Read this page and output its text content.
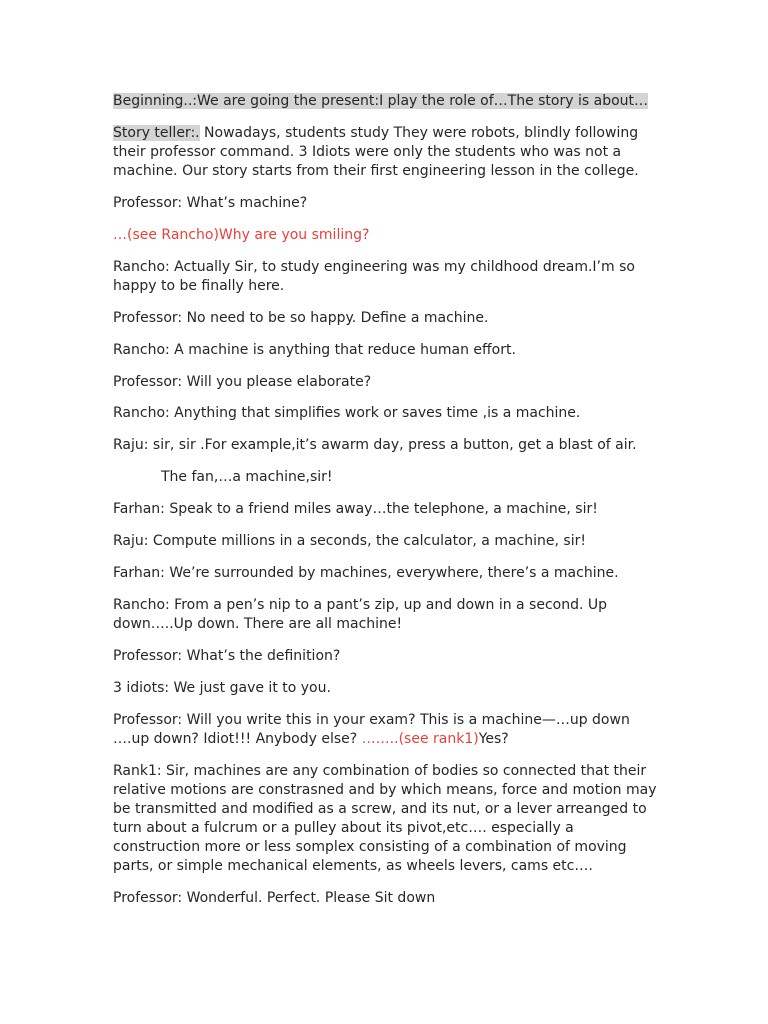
Beginning..:We are going the present:I play the role of…The story is about…

Story teller:. Nowadays, students study They were robots, blindly following
their professor command. 3 Idiots were only the students who was not a
machine. Our story starts from their first engineering lesson in the college.

Professor: What’s machine?

…(see Rancho)Why are you smiling?

Rancho: Actually Sir, to study engineering was my childhood dream.I’m so
happy to be finally here.

Professor: No need to be so happy. Define a machine.

Rancho: A machine is anything that reduce human effort.

Professor: Will you please elaborate?

Rancho: Anything that simplifies work or saves time ,is a machine.

Raju: sir, sir .For example,it’s awarm day, press a button, get a blast of air.

The fan,…a machine,sir!

Farhan: Speak to a friend miles away…the telephone, a machine, sir!

Raju: Compute millions in a seconds, the calculator, a machine, sir!

Farhan: We’re surrounded by machines, everywhere, there’s a machine.

Rancho: From a pen’s nip to a pant’s zip, up and down in a second. Up
down…..Up down. There are all machine!

Professor: What’s the definition?

3 idiots: We just gave it to you.

Professor: Will you write this in your exam? This is a machine—…up down
….up down? Idiot!!! Anybody else? ……..(see rank1)Yes?

Rank1: Sir, machines are any combination of bodies so connected that their
relative motions are constrasned and by which means, force and motion may
be transmitted and modified as a screw, and its nut, or a lever arreanged to
turn about a fulcrum or a pulley about its pivot,etc…. especially a
construction more or less somplex consisting of a combination of moving
parts, or simple mechanical elements, as wheels levers, cams etc….

Professor: Wonderful. Perfect. Please Sit down
